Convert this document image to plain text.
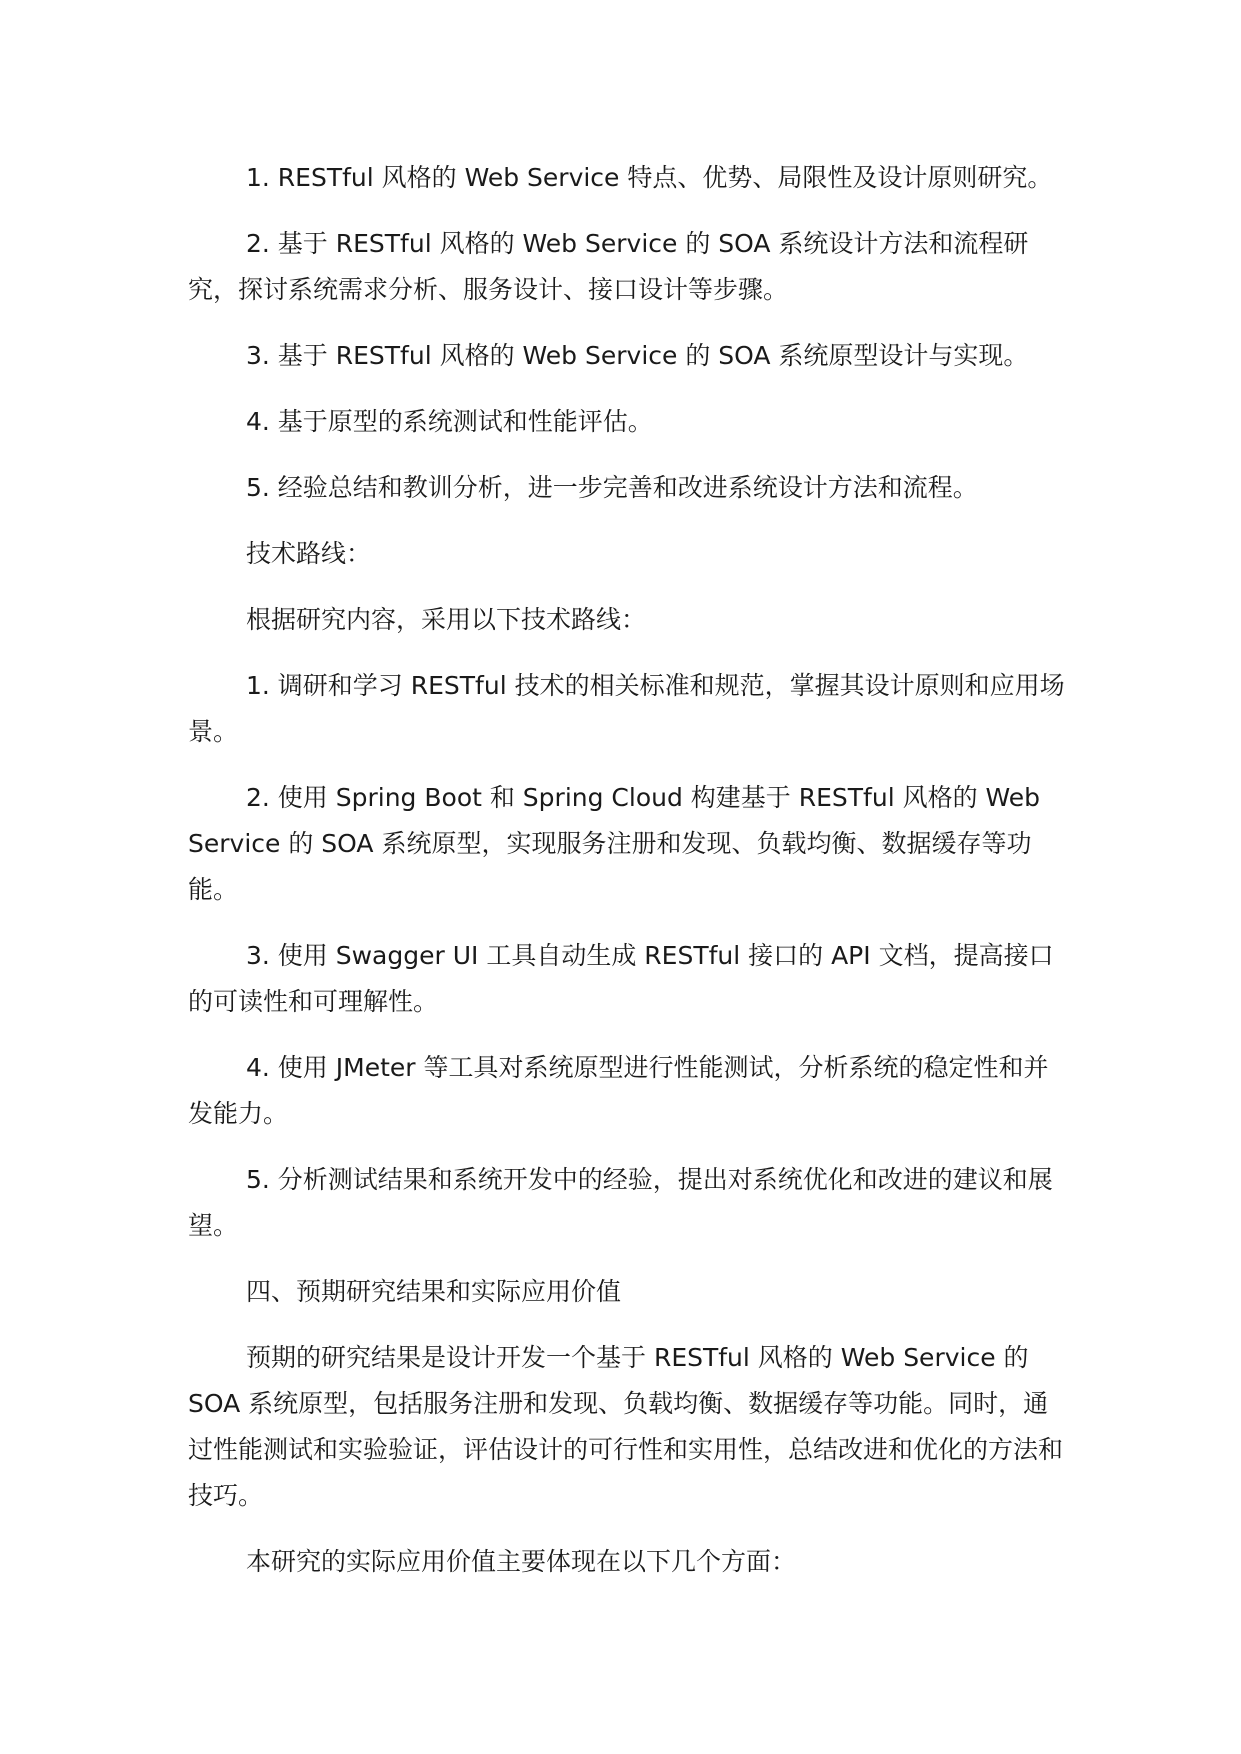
1. RESTful 风格的 Web Service 特点、优势、局限性及设计原则研究。

2. 基于 RESTful 风格的 Web Service 的 SOA 系统设计方法和流程研究，探讨系统需求分析、服务设计、接口设计等步骤。

3. 基于 RESTful 风格的 Web Service 的 SOA 系统原型设计与实现。

4. 基于原型的系统测试和性能评估。

5. 经验总结和教训分析，进一步完善和改进系统设计方法和流程。

技术路线：

根据研究内容，采用以下技术路线：

1. 调研和学习 RESTful 技术的相关标准和规范，掌握其设计原则和应用场景。

2. 使用 Spring Boot 和 Spring Cloud 构建基于 RESTful 风格的 Web Service 的 SOA 系统原型，实现服务注册和发现、负载均衡、数据缓存等功能。

3. 使用 Swagger UI 工具自动生成 RESTful 接口的 API 文档，提高接口的可读性和可理解性。

4. 使用 JMeter 等工具对系统原型进行性能测试，分析系统的稳定性和并发能力。

5. 分析测试结果和系统开发中的经验，提出对系统优化和改进的建议和展望。

四、预期研究结果和实际应用价值

预期的研究结果是设计开发一个基于 RESTful 风格的 Web Service 的 SOA 系统原型，包括服务注册和发现、负载均衡、数据缓存等功能。同时，通过性能测试和实验验证，评估设计的可行性和实用性，总结改进和优化的方法和技巧。

本研究的实际应用价值主要体现在以下几个方面：
